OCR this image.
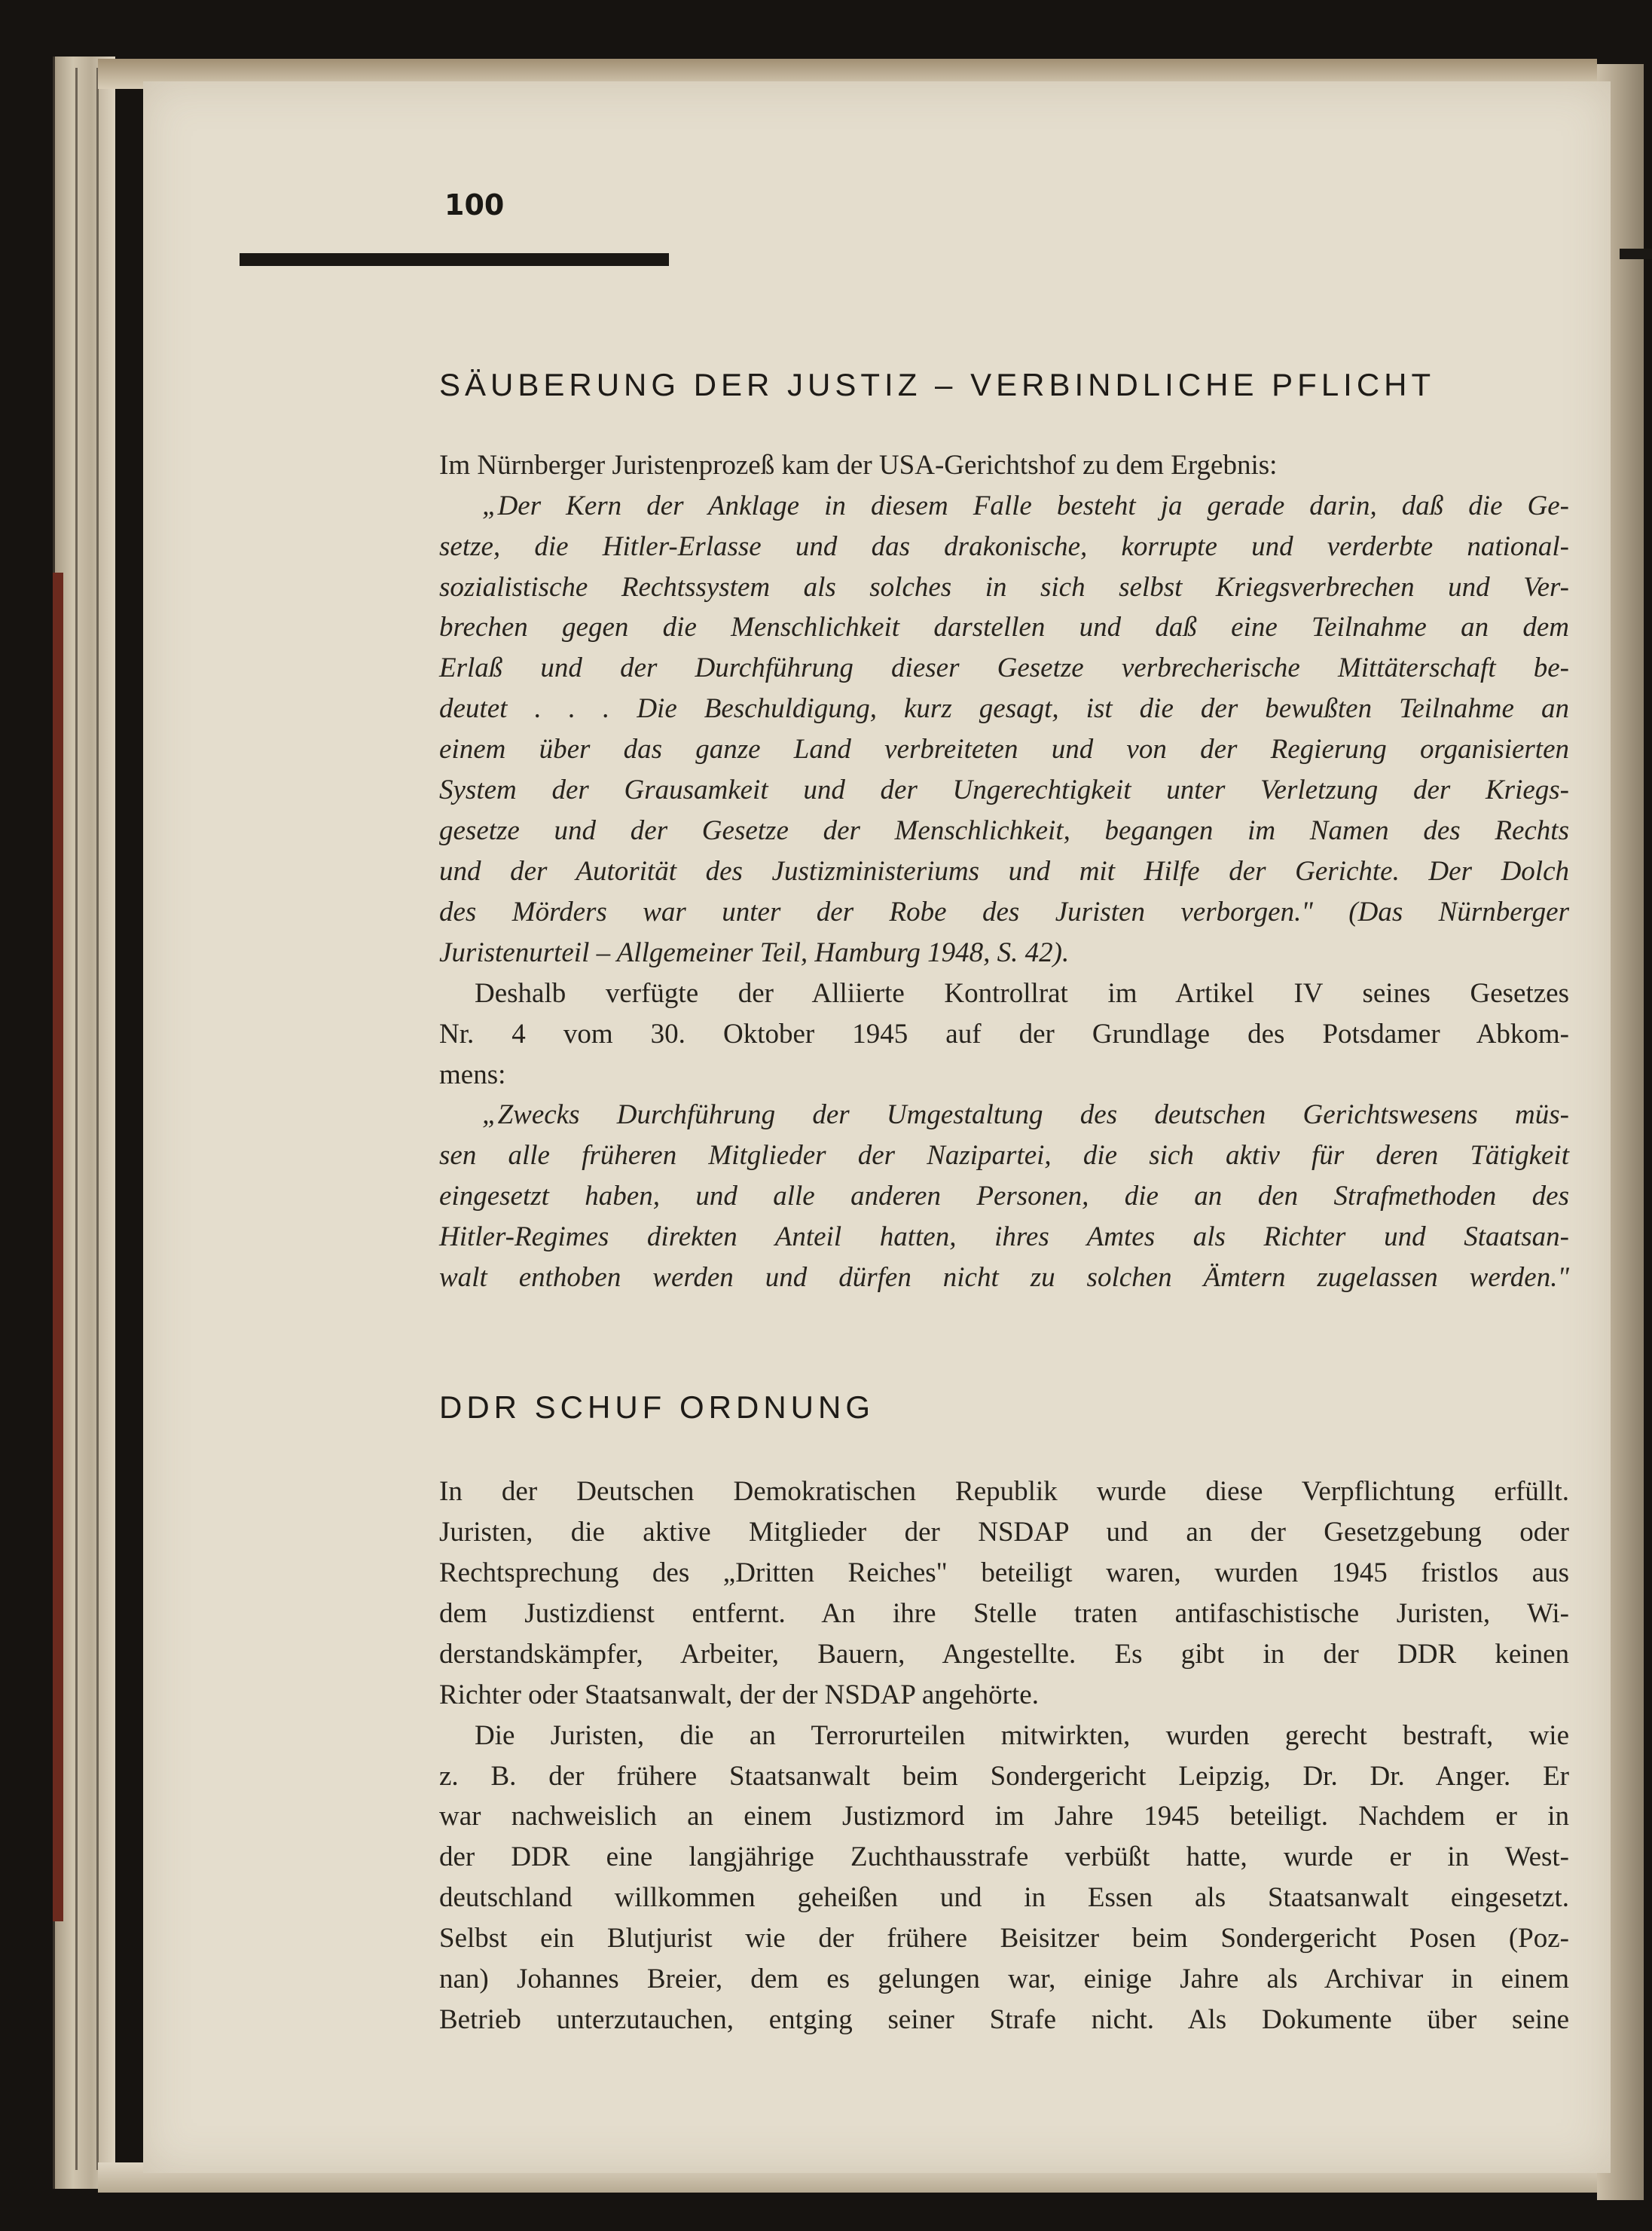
100
SÄUBERUNG DER JUSTIZ – VERBINDLICHE PFLICHT
Im Nürnberger Juristenprozeß kam der USA-Gerichtshof zu dem Ergebnis:
„Der Kern der Anklage in diesem Falle besteht ja gerade darin, daß die Ge-
setze, die Hitler-Erlasse und das drakonische, korrupte und verderbte national-
sozialistische Rechtssystem als solches in sich selbst Kriegsverbrechen und Ver-
brechen gegen die Menschlichkeit darstellen und daß eine Teilnahme an dem
Erlaß und der Durchführung dieser Gesetze verbrecherische Mittäterschaft be-
deutet . . . Die Beschuldigung, kurz gesagt, ist die der bewußten Teilnahme an
einem über das ganze Land verbreiteten und von der Regierung organisierten
System der Grausamkeit und der Ungerechtigkeit unter Verletzung der Kriegs-
gesetze und der Gesetze der Menschlichkeit, begangen im Namen des Rechts
und der Autorität des Justizministeriums und mit Hilfe der Gerichte. Der Dolch
des Mörders war unter der Robe des Juristen verborgen." (Das Nürnberger
Juristenurteil – Allgemeiner Teil, Hamburg 1948, S. 42).
Deshalb verfügte der Alliierte Kontrollrat im Artikel IV seines Gesetzes
Nr. 4 vom 30. Oktober 1945 auf der Grundlage des Potsdamer Abkom-
mens:
„Zwecks Durchführung der Umgestaltung des deutschen Gerichtswesens müs-
sen alle früheren Mitglieder der Nazipartei, die sich aktiv für deren Tätigkeit
eingesetzt haben, und alle anderen Personen, die an den Strafmethoden des
Hitler-Regimes direkten Anteil hatten, ihres Amtes als Richter und Staatsan-
walt enthoben werden und dürfen nicht zu solchen Ämtern zugelassen werden."
DDR SCHUF ORDNUNG
In der Deutschen Demokratischen Republik wurde diese Verpflichtung erfüllt.
Juristen, die aktive Mitglieder der NSDAP und an der Gesetzgebung oder
Rechtsprechung des „Dritten Reiches" beteiligt waren, wurden 1945 fristlos aus
dem Justizdienst entfernt. An ihre Stelle traten antifaschistische Juristen, Wi-
derstandskämpfer, Arbeiter, Bauern, Angestellte. Es gibt in der DDR keinen
Richter oder Staatsanwalt, der der NSDAP angehörte.
Die Juristen, die an Terrorurteilen mitwirkten, wurden gerecht bestraft, wie
z. B. der frühere Staatsanwalt beim Sondergericht Leipzig, Dr. Dr. Anger. Er
war nachweislich an einem Justizmord im Jahre 1945 beteiligt. Nachdem er in
der DDR eine langjährige Zuchthausstrafe verbüßt hatte, wurde er in West-
deutschland willkommen geheißen und in Essen als Staatsanwalt eingesetzt.
Selbst ein Blutjurist wie der frühere Beisitzer beim Sondergericht Posen (Poz-
nan) Johannes Breier, dem es gelungen war, einige Jahre als Archivar in einem
Betrieb unterzutauchen, entging seiner Strafe nicht. Als Dokumente über seine
